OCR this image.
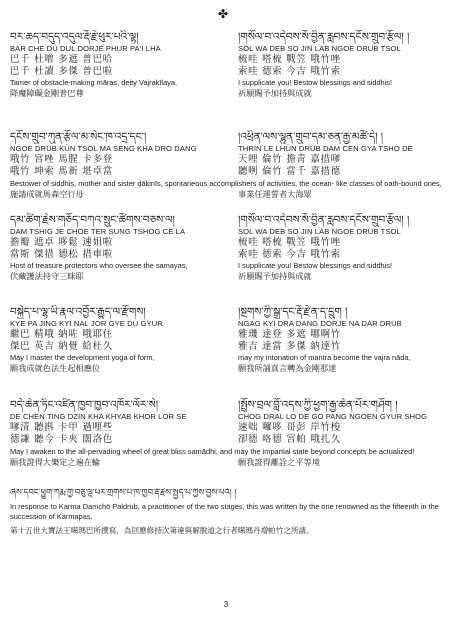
✤
བར་ཆད་བདུད་འདུལ་རྡོ་རྗེ་ཕུར་པའི་ལྷ།
BAR CHE DÜ DUL DORJE PHUR PA'I LHA
巴千 杜噌 多遮 普巴哈
巴千 杜讀 多傑 普巴啦
Tamer of obstacle-making māras, deity Vajrakīlaya,
降魔障礙金剛普巴尊
།གསོལ་བ་འདེབས་སོ་བྱིན་རླབས་དངོས་གྲུབ་རྩོལ། །
SOL WA DEB SO JIN LAB NGOE DRUB TSOL
梳哇 嗒梳 戰笠 哦竹唑
索哇 德索 今吉 哦竹索
I supplicate you! Bestow blessings and siddhis!
祈願賜予加持與成就
དངོས་གྲུབ་ཀུན་རྩོལ་མ་སེང་ཁ་འདྲ་དང་།
NGOE DRUB KÜN TSOL MA SENG KHA DRO DANG
哦竹 宮唑 馬腥 卡多登
哦竹 坤索 馬新 堪卓當
།འཕྲིན་ལས་ལྷུན་གྲུབ་དམ་ཅན་རྒྱ་མཚོ་དེ། །
THRIN LE LHÜN DRUB DAM CEN GYA TSHO DE
天哩 倫竹 擔靑 嘉措嗲
聽咧 倫竹 當千 嘉措德
Bestower of siddhis, mother and sister ḍākinīs, spontaneous accomplishers of activities, the ocean- like classes of oath-bound ones,
施請成就馬森空行母	事業任運誓者大海眾
དམ་ཚིག་རྗེས་གཅོད་བཀའ་སྲུང་ཚོགས་བཅས་ལ།
DAM TSHIG JE CHOE TER SUNG TSHOG CE LA
擔瓣 遮卓 哆鬆 速姐啦
當斯 傑措 德松 措車啦
Host of treasure protectors who oversee the samayas,
伏藏護法持守三昧耶
།གསོལ་བ་འདེབས་སོ་བྱིན་རླབས་དངོས་གྲུབ་རྩོལ། །
SOL WA DEB SO JIN LAB NGOE DRUB TSOL
梳哇 嗒梳 戰笠 哦竹唑
索哇 德索 今吉 哦竹索
I supplicate you! Bestow blessings and siddhis!
祈願賜予加持與成就
བསྐྱེད་པ་ལྷ་ཡི་རྣལ་འབྱོར་རྒྱུད་ལ་རྫོགས།
KYE PA JING KYI NAL JOR GYE DU GYUR
繼巴 精哦 納咗 哦耶住
傑巴 英吉 納覺 給杜久
May I master the development yoga of form,
願我成就色法生起相應位
།སྔགས་ཀྱི་སྒྲ་དང་རྡོ་རྗེ་ན་ད་དྲུག །
NGAG KYI DRA DANG DORJE NA DAR DRUB
雅璣 達登 多遮 哪啊竹
雅吉 達當 多傑 納達竹
may my intonation of mantra become the vajra nāda,
願我所誦真言轉為金剛那達
བདེ་ཆེན་ཏིང་འཛིན་ཁྱབ་ཁྱབ་འཁོར་ལོར་སེ།
DE CHEN TING DZIN KHA KHYAB KHOR LOR SE
嗲清 聽斟 卡甲 過哩些
德謙 聽今 卡夾 闊洛色
།སྤྲོས་བྲལ་བློ་འདས་ཀྱི་ཕྱག་རྒྱ་ཆེན་པོར་གཤོག །
CHOG DRAL LO DE GO PANG NGOEN GYUR SHOG
速咄 囉哆 哥彭 岸竹梭
卻德 咯德 宮帕 哦扎久
May I awaken to the all-pervading wheel of great bliss samādhi, and may the impartial state beyond concepts be actualized!
願我證得大樂定之遍在輪	願我證得離詮之平等境
ཞེས་དབང་ཕྱུག་ཀརྨ་གྱི་བཅུ་ལྔ་པར་གྲགས་པ་ཁ་ཁྱབ་རྡོ་རྗེས་སྤྱད་པ་ཀྱིས་བྱས་པའོ། །
In response to Karma Damchö Paldrub, a practitioner of the two stages, this was written by the one renowned as the fifteenth in the succession of Karmapas.
第十五世大寶法王噶瑪巴所撰寫，為回應修持次第違與解脫道之行者噶瑪丹增帕竹之所請。
3
